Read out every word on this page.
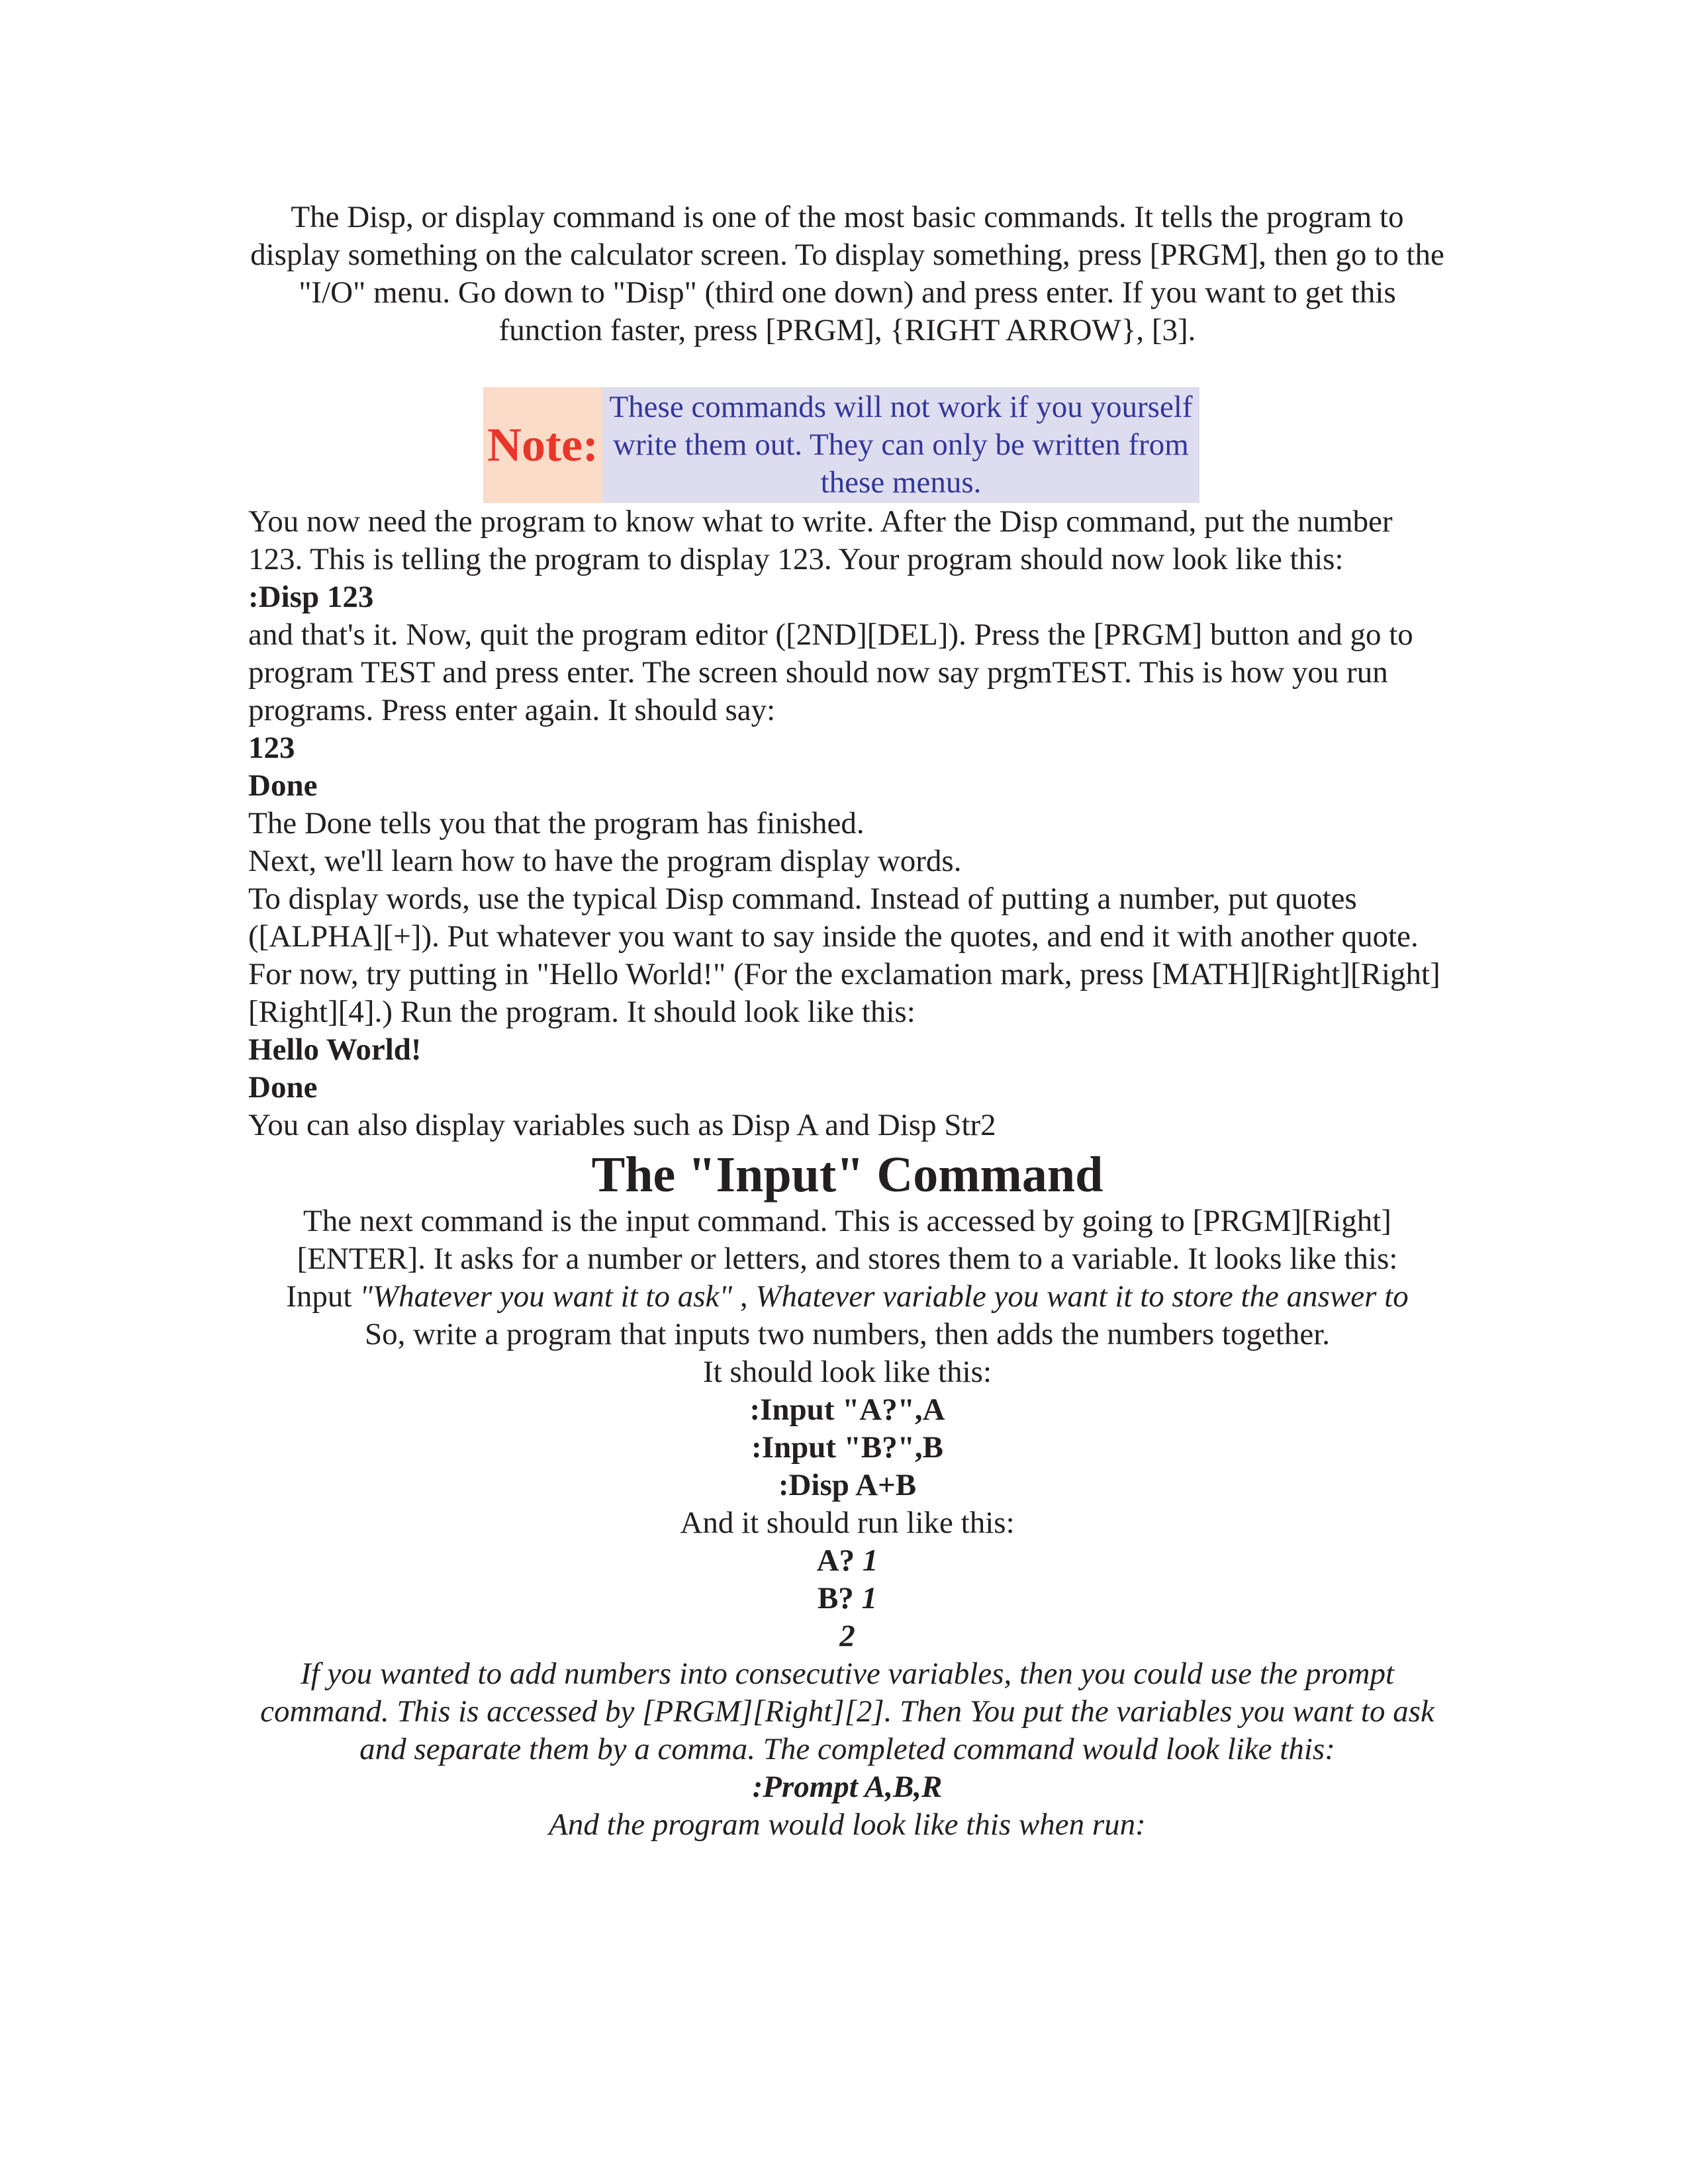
The Disp, or display command is one of the most basic commands. It tells the program to display something on the calculator screen. To display something, press [PRGM], then go to the "I/O" menu. Go down to "Disp" (third one down) and press enter. If you want to get this function faster, press [PRGM], {RIGHT ARROW}, [3].

Note:
These commands will not work if you yourself write them out. They can only be written from these menus.

You now need the program to know what to write. After the Disp command, put the number 123. This is telling the program to display 123. Your program should now look like this:

:Disp 123

and that's it. Now, quit the program editor ([2ND][DEL]). Press the [PRGM] button and go to program TEST and press enter. The screen should now say prgmTEST. This is how you run programs. Press enter again. It should say:

123

Done

The Done tells you that the program has finished.

Next, we'll learn how to have the program display words.

To display words, use the typical Disp command. Instead of putting a number, put quotes ([ALPHA][+]). Put whatever you want to say inside the quotes, and end it with another quote. For now, try putting in "Hello World!" (For the exclamation mark, press [MATH][Right][Right][Right][4].) Run the program. It should look like this:

Hello World!

Done

You can also display variables such as Disp A and Disp Str2

The "Input" Command

The next command is the input command. This is accessed by going to [PRGM][Right][ENTER]. It asks for a number or letters, and stores them to a variable. It looks like this:

Input "Whatever you want it to ask" , Whatever variable you want it to store the answer to

So, write a program that inputs two numbers, then adds the numbers together.

It should look like this:

:Input "A?",A

:Input "B?",B

:Disp A+B

And it should run like this:

A? 1

B? 1

2

If you wanted to add numbers into consecutive variables, then you could use the prompt command. This is accessed by [PRGM][Right][2]. Then You put the variables you want to ask and separate them by a comma. The completed command would look like this:

:Prompt A,B,R

And the program would look like this when run:
